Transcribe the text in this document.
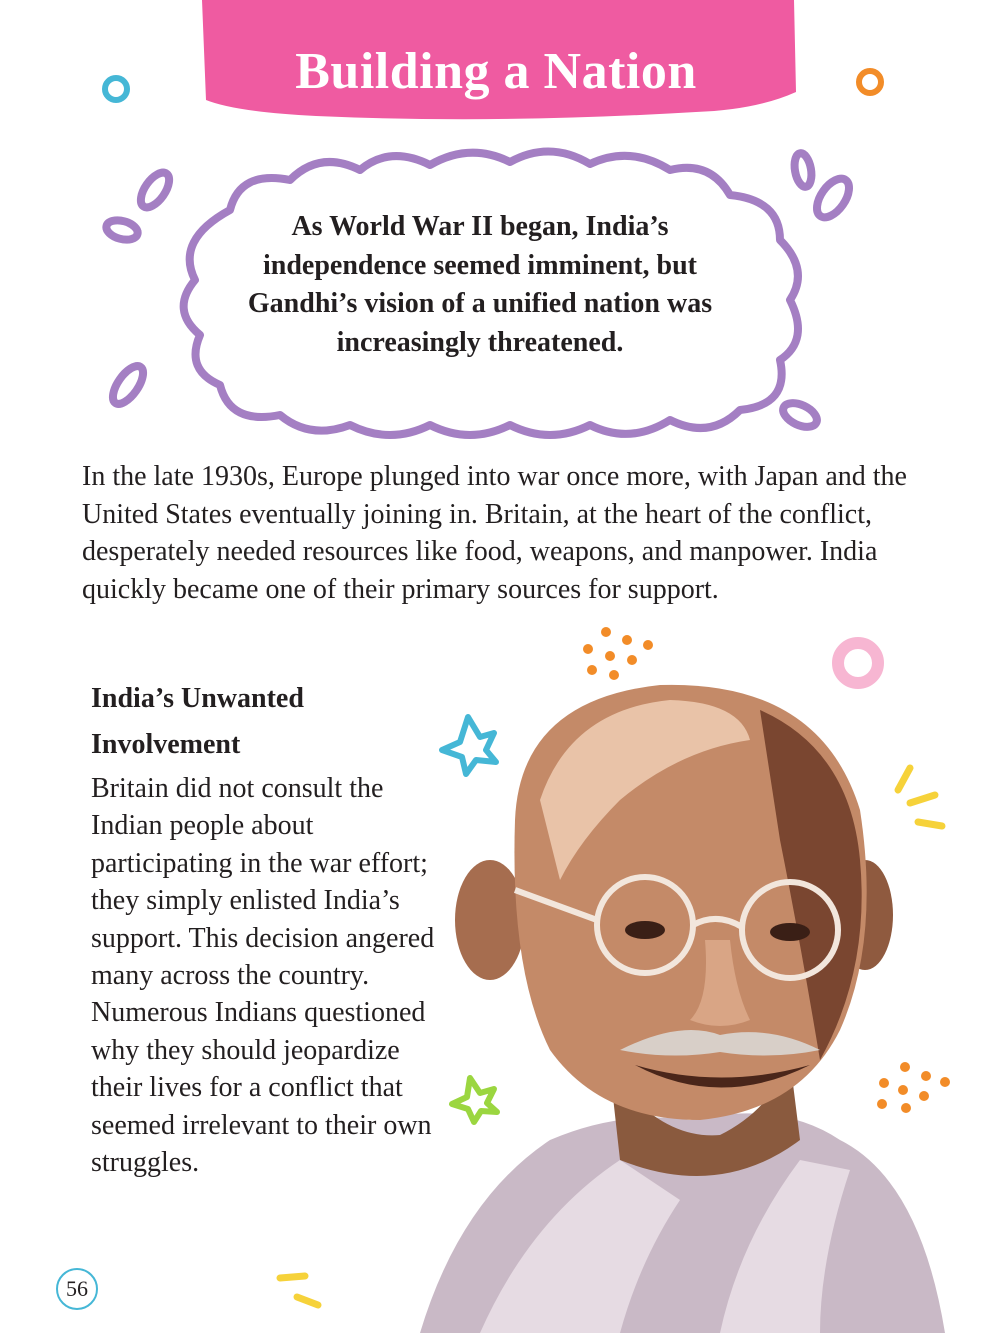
Building a Nation
As World War II began, India’s independence seemed imminent, but Gandhi’s vision of a unified nation was increasingly threatened.
In the late 1930s, Europe plunged into war once more, with Japan and the United States eventually joining in. Britain, at the heart of the conflict, desperately needed resources like food, weapons, and manpower. India quickly became one of their primary sources for support.
India’s Unwanted Involvement
Britain did not consult the Indian people about participating in the war effort; they simply enlisted India’s support. This decision angered many across the country. Numerous Indians questioned why they should jeopardize their lives for a conflict that seemed irrelevant to their own struggles.
56
